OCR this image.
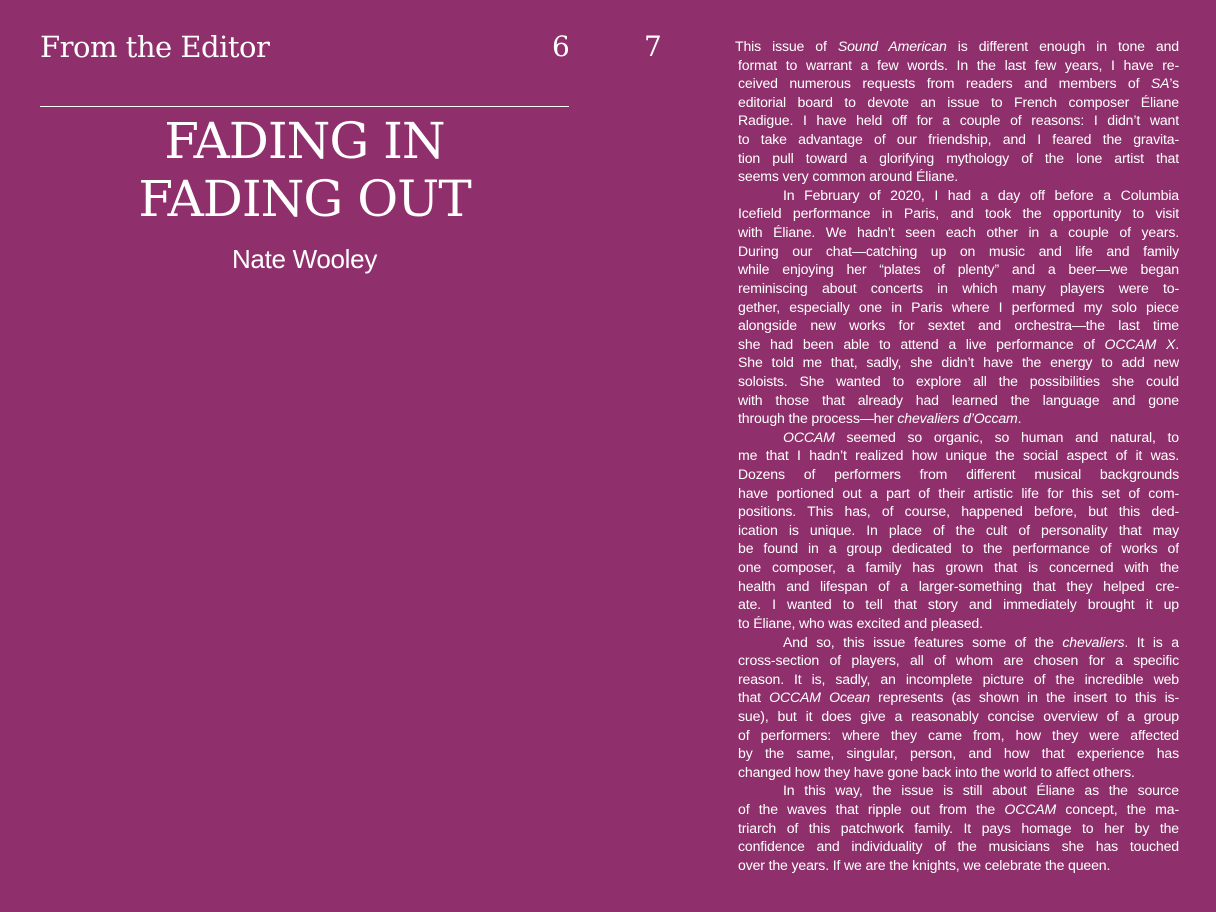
From the Editor	6	7
FADING IN
FADING OUT
Nate Wooley
This issue of Sound American is different enough in tone and
format to warrant a few words. In the last few years, I have re-
ceived numerous requests from readers and members of SA’s
editorial board to devote an issue to French composer Éliane
Radigue. I have held off for a couple of reasons: I didn’t want
to take advantage of our friendship, and I feared the gravita-
tion pull toward a glorifying mythology of the lone artist that
seems very common around Éliane.
In February of 2020, I had a day off before a Columbia
Icefield performance in Paris, and took the opportunity to visit
with Éliane. We hadn’t seen each other in a couple of years.
During our chat—catching up on music and life and family
while enjoying her “plates of plenty” and a beer—we began
reminiscing about concerts in which many players were to-
gether, especially one in Paris where I performed my solo piece
alongside new works for sextet and orchestra—the last time
she had been able to attend a live performance of OCCAM X.
She told me that, sadly, she didn’t have the energy to add new
soloists. She wanted to explore all the possibilities she could
with those that already had learned the language and gone
through the process—her chevaliers d’Occam.
OCCAM seemed so organic, so human and natural, to
me that I hadn’t realized how unique the social aspect of it was.
Dozens of performers from different musical backgrounds
have portioned out a part of their artistic life for this set of com-
positions. This has, of course, happened before, but this ded-
ication is unique. In place of the cult of personality that may
be found in a group dedicated to the performance of works of
one composer, a family has grown that is concerned with the
health and lifespan of a larger-something that they helped cre-
ate. I wanted to tell that story and immediately brought it up
to Éliane, who was excited and pleased.
And so, this issue features some of the chevaliers. It is a
cross-section of players, all of whom are chosen for a specific
reason. It is, sadly, an incomplete picture of the incredible web
that OCCAM Ocean represents (as shown in the insert to this is-
sue), but it does give a reasonably concise overview of a group
of performers: where they came from, how they were affected
by the same, singular, person, and how that experience has
changed how they have gone back into the world to affect others.
In this way, the issue is still about Éliane as the source
of the waves that ripple out from the OCCAM concept, the ma-
triarch of this patchwork family. It pays homage to her by the
confidence and individuality of the musicians she has touched
over the years. If we are the knights, we celebrate the queen.
